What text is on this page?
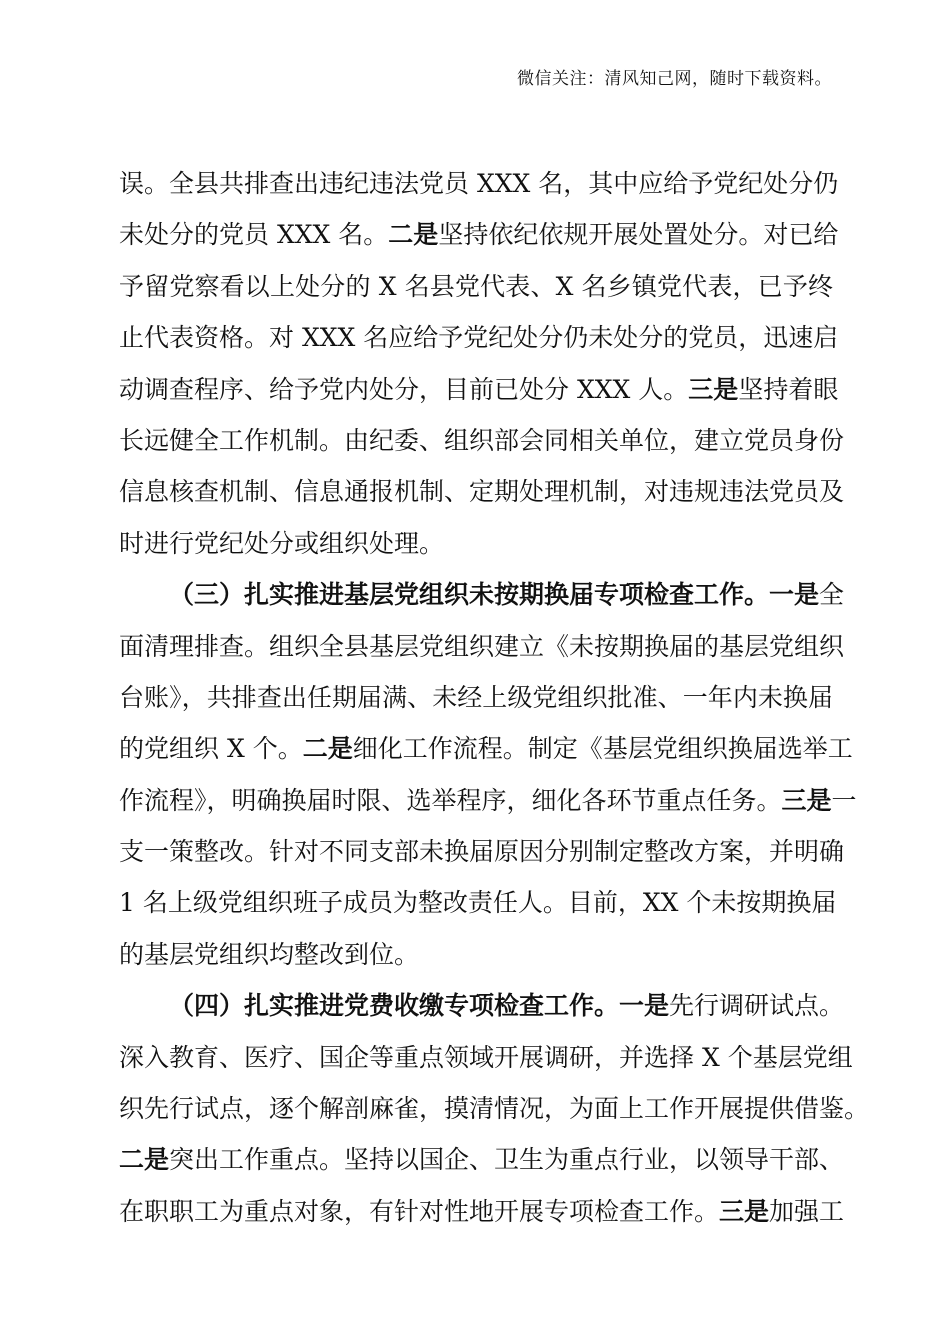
微信关注：清风知己网，随时下载资料。
误。全县共排查出违纪违法党员 XXX 名，其中应给予党纪处分仍
未处分的党员 XXX 名。二是坚持依纪依规开展处置处分。对已给
予留党察看以上处分的 X 名县党代表、X 名乡镇党代表，已予终
止代表资格。对 XXX 名应给予党纪处分仍未处分的党员，迅速启
动调查程序、给予党内处分，目前已处分 XXX 人。三是坚持着眼
长远健全工作机制。由纪委、组织部会同相关单位，建立党员身份
信息核查机制、信息通报机制、定期处理机制，对违规违法党员及
时进行党纪处分或组织处理。
（三）扎实推进基层党组织未按期换届专项检查工作。一是全
面清理排查。组织全县基层党组织建立《未按期换届的基层党组织
台账》，共排查出任期届满、未经上级党组织批准、一年内未换届
的党组织 X 个。二是细化工作流程。制定《基层党组织换届选举工
作流程》，明确换届时限、选举程序，细化各环节重点任务。三是一
支一策整改。针对不同支部未换届原因分别制定整改方案，并明确
1 名上级党组织班子成员为整改责任人。目前，XX 个未按期换届
的基层党组织均整改到位。
（四）扎实推进党费收缴专项检查工作。一是先行调研试点。
深入教育、医疗、国企等重点领域开展调研，并选择 X 个基层党组
织先行试点，逐个解剖麻雀，摸清情况，为面上工作开展提供借鉴。
二是突出工作重点。坚持以国企、卫生为重点行业，以领导干部、
在职职工为重点对象，有针对性地开展专项检查工作。三是加强工
